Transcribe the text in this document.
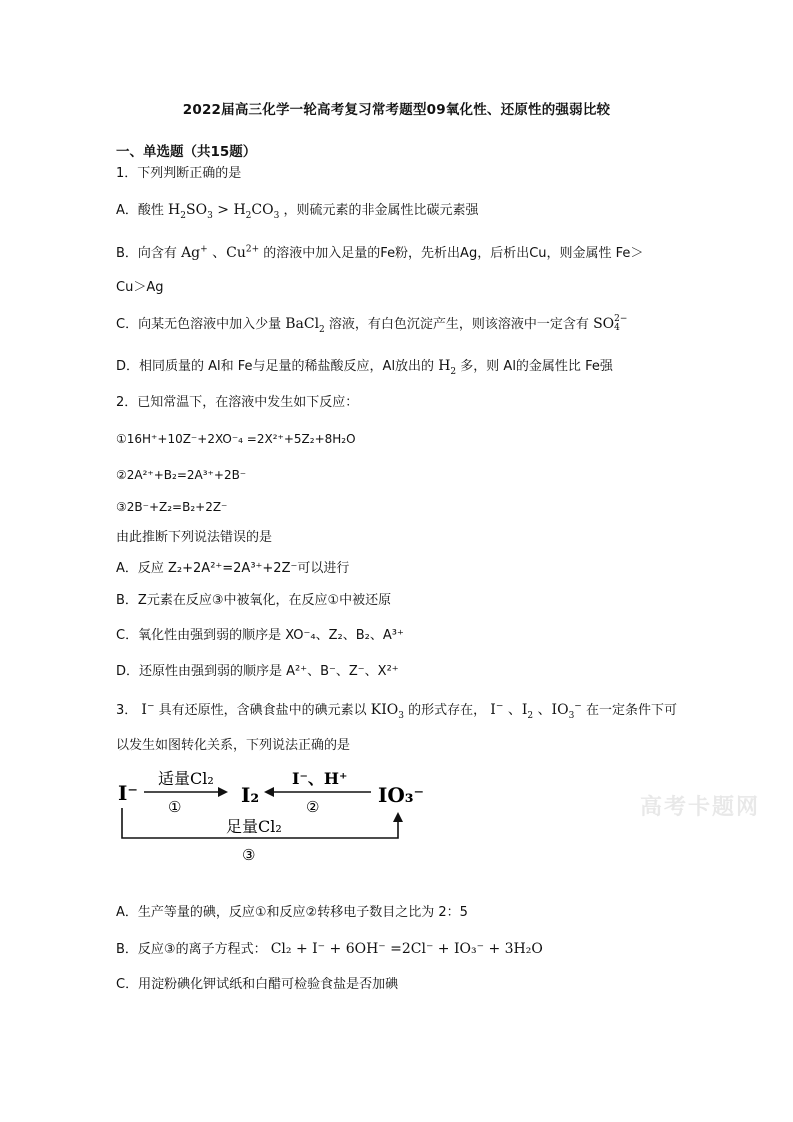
2022届高三化学一轮高考复习常考题型09氧化性、还原性的强弱比较
一、单选题（共15题）
1．下列判断正确的是
A．酸性 $H_2SO_3 > H_2CO_3$ ，则硫元素的非金属性比碳元素强
B．向含有 Ag+ 、$Cu^{2+}$ 的溶液中加入足量的Fe粉，先析出Ag，后析出Cu，则金属性 Fe＞
Cu＞Ag
C．向某无色溶液中加入少量 BaCl$_2$ 溶液，有白色沉淀产生，则该溶液中一定含有 SO 2−
4
D．相同质量的 Al和 Fe与足量的稀盐酸反应，Al放出的 $H_2$ 多，则 Al的金属性比 Fe强
2．已知常温下，在溶液中发生如下反应：
①16H⁺+10Z⁻+2XO⁻₄ =2X²⁺+5Z₂+8H₂O
②2A²⁺+B₂=2A³⁺+2B⁻
③2B⁻+Z₂=B₂+2Z⁻
由此推断下列说法错误的是
A．反应 Z₂+2A²⁺=2A³⁺+2Z⁻可以进行
B．Z元素在反应③中被氧化，在反应①中被还原
C．氧化性由强到弱的顺序是 XO⁻₄、Z₂、B₂、A³⁺
D．还原性由强到弱的顺序是 A²⁺、B⁻、Z⁻、X²⁺
3． I− 具有还原性，含碘食盐中的碘元素以 $KIO_3$ 的形式存在， I− 、$I_2$ 、$IO_3^-$ 在一定条件下可
以发生如图转化关系，下列说法正确的是
I⁻	I₂	IO₃⁻
适量Cl₂
①
I⁻、H⁺
②
足量Cl₂
③
高考卡题网
A．生产等量的碘，反应①和反应②转移电子数目之比为 2：5
B．反应③的离子方程式： Cl₂ + I⁻ + 6OH⁻ =2Cl⁻ + IO₃⁻ + 3H₂O
C．用淀粉碘化钾试纸和白醋可检验食盐是否加碘
